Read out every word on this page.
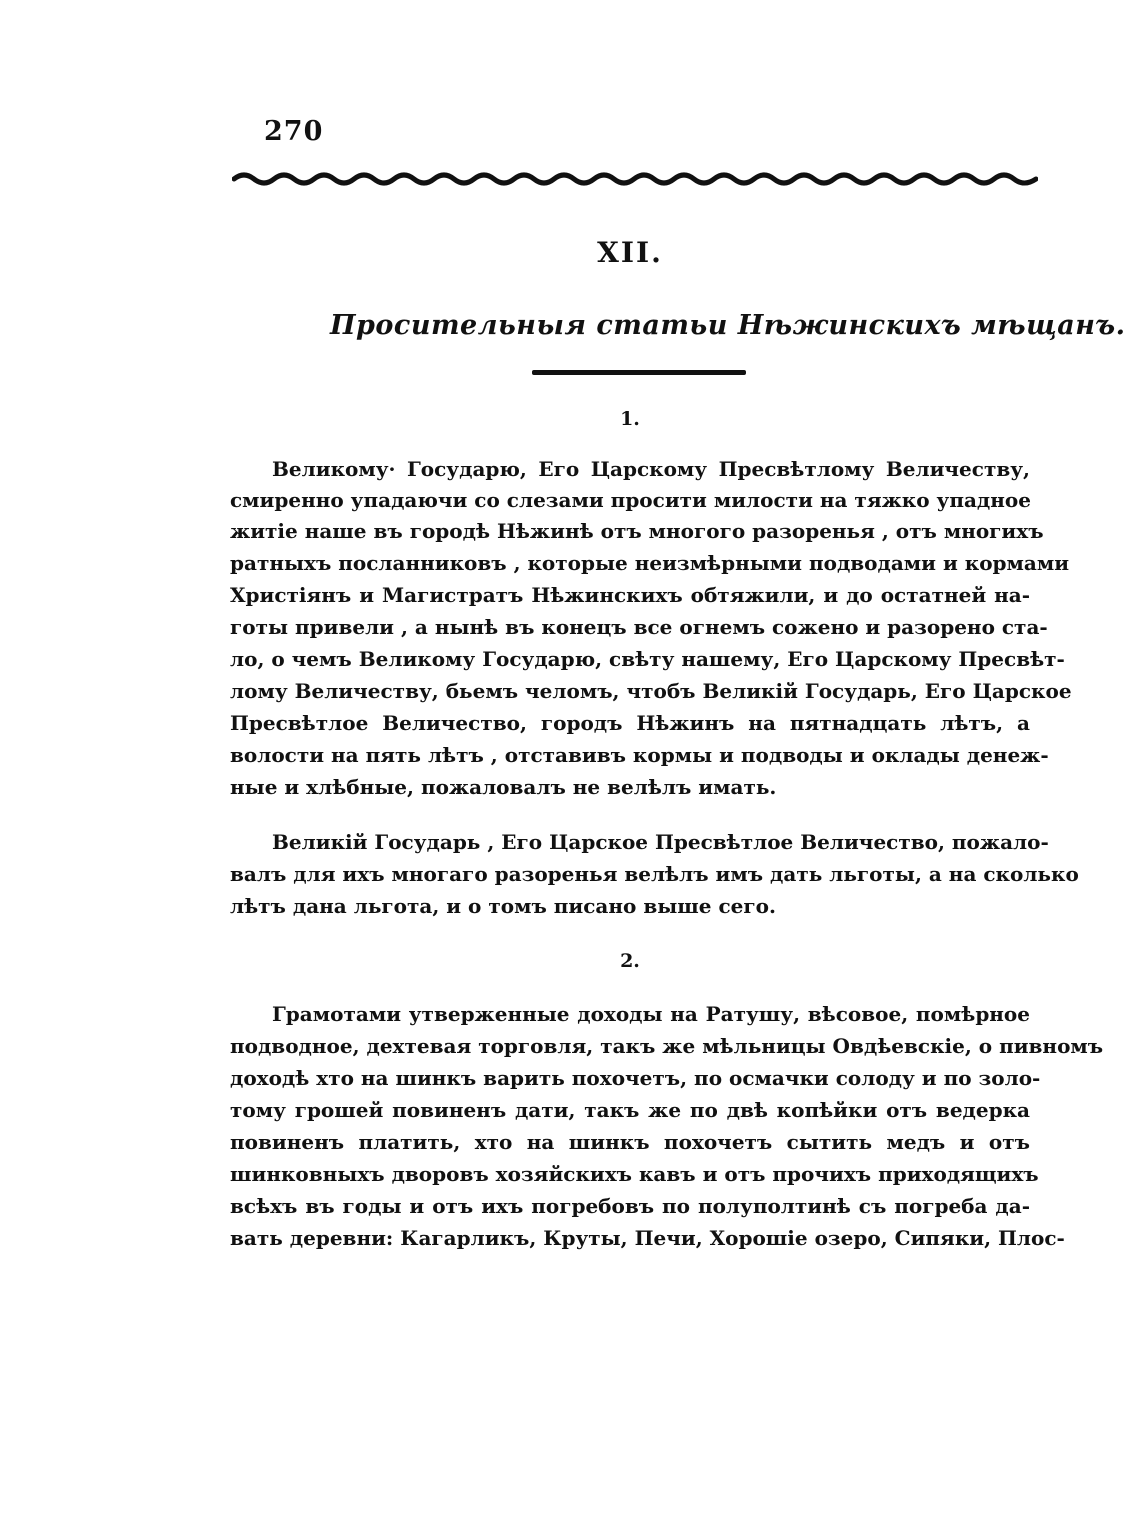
270
XII.
Просительныя статьи Нѣжинскихъ мѣщанъ.
1.
Великому· Государю, Его Царскому Пресвѣтлому Величеству,
смиренно упадаючи со слезами просити милости на тяжко упадное
житіе наше въ городѣ Нѣжинѣ отъ многого разоренья , отъ многихъ
ратныхъ посланниковъ , которые неизмѣрными подводами и кормами
Христіянъ и Магистратъ Нѣжинскихъ обтяжили, и до остатней на-
готы привели , а нынѣ въ конецъ все огнемъ сожено и разорено ста-
ло, о чемъ Великому Государю, свѣту нашему, Его Царскому Пресвѣт-
лому Величеству, бьемъ челомъ, чтобъ Великій Государь, Его Царское
Пресвѣтлое Величество, городъ Нѣжинъ на пятнадцать лѣтъ, а
волости на пять лѣтъ , отставивъ кормы и подводы и оклады денеж-
ные и хлѣбные, пожаловалъ не велѣлъ имать.
Великій Государь , Его Царское Пресвѣтлое Величество, пожало-
валъ для ихъ многаго разоренья велѣлъ имъ дать льготы, а на сколько
лѣтъ дана льгота, и о томъ писано выше сего.
2.
Грамотами утверженные доходы на Ратушу, вѣсовое, помѣрное
подводное, дехтевая торговля, такъ же мѣльницы Овдѣевскіе, о пивномъ
доходѣ хто на шинкъ варить похочетъ, по осмачки солоду и по золо-
тому грошей повиненъ дати, такъ же по двѣ копѣйки отъ ведерка
повиненъ платить, хто на шинкъ похочетъ сытить медъ и отъ
шинковныхъ дворовъ хозяйскихъ кавъ и отъ прочихъ приходящихъ
всѣхъ въ годы и отъ ихъ погребовъ по полуполтинѣ съ погреба да-
вать деревни: Кагарликъ, Круты, Печи, Хорошіе озеро, Сипяки, Плос-
